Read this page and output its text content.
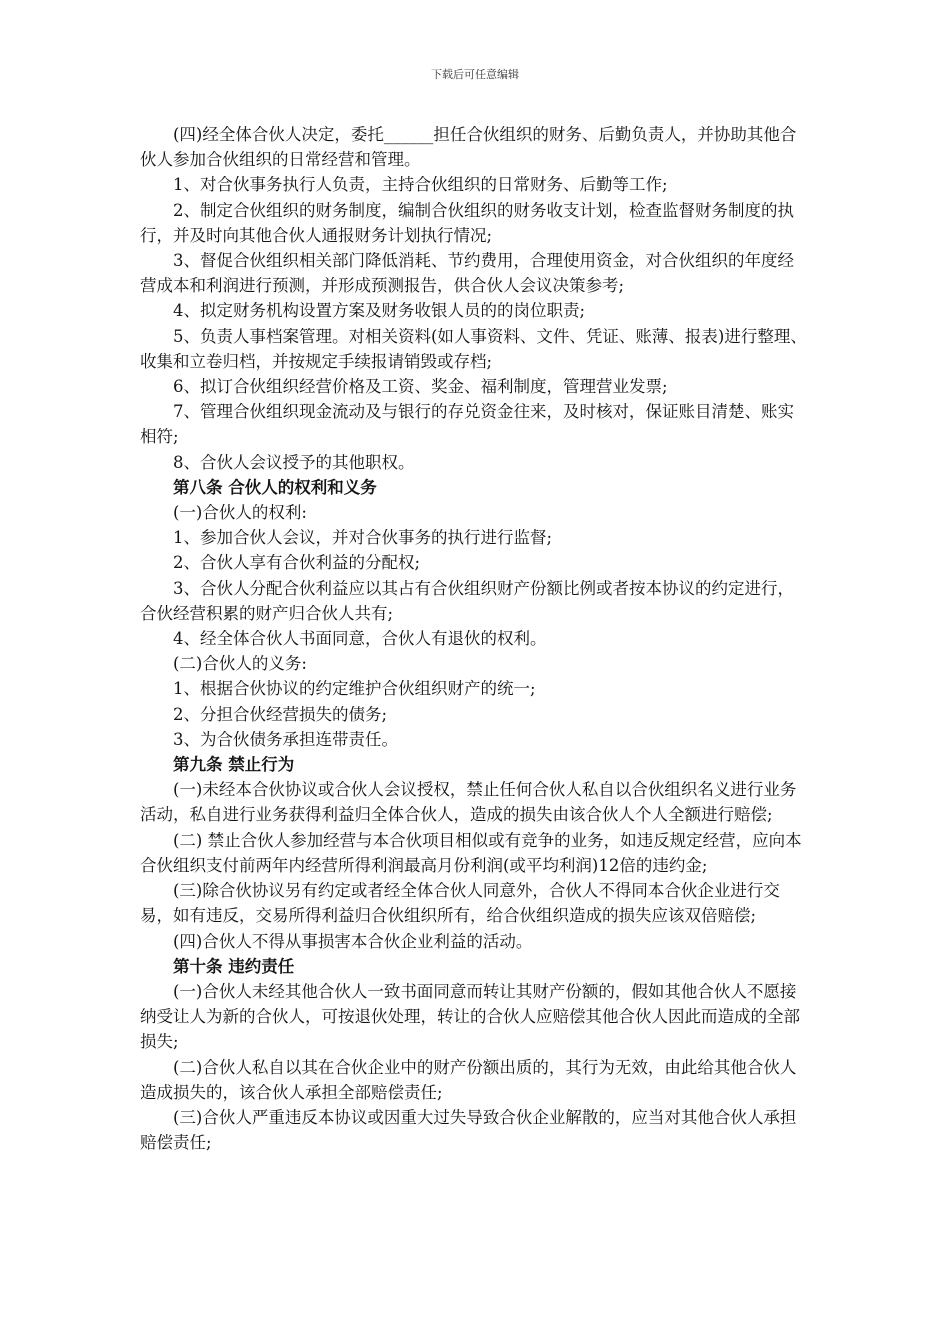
下载后可任意编辑

(四)经全体合伙人决定，委托______担任合伙组织的财务、后勤负责人，并协助其他合伙人参加合伙组织的日常经营和管理。

1、对合伙事务执行人负责，主持合伙组织的日常财务、后勤等工作;

2、制定合伙组织的财务制度，编制合伙组织的财务收支计划，检查监督财务制度的执行，并及时向其他合伙人通报财务计划执行情况;

3、督促合伙组织相关部门降低消耗、节约费用，合理使用资金，对合伙组织的年度经营成本和利润进行预测，并形成预测报告，供合伙人会议决策参考;

4、拟定财务机构设置方案及财务收银人员的的岗位职责;

5、负责人事档案管理。对相关资料(如人事资料、文件、凭证、账薄、报表)进行整理、收集和立卷归档，并按规定手续报请销毁或存档;

6、拟订合伙组织经营价格及工资、奖金、福利制度，管理营业发票;

7、管理合伙组织现金流动及与银行的存兑资金往来，及时核对，保证账目清楚、账实相符;

8、合伙人会议授予的其他职权。

第八条 合伙人的权利和义务

(一)合伙人的权利:

1、参加合伙人会议，并对合伙事务的执行进行监督;

2、合伙人享有合伙利益的分配权;

3、合伙人分配合伙利益应以其占有合伙组织财产份额比例或者按本协议的约定进行，合伙经营积累的财产归合伙人共有;

4、经全体合伙人书面同意，合伙人有退伙的权利。

(二)合伙人的义务:

1、根据合伙协议的约定维护合伙组织财产的统一;

2、分担合伙经营损失的债务;

3、为合伙债务承担连带责任。

第九条 禁止行为

(一)未经本合伙协议或合伙人会议授权，禁止任何合伙人私自以合伙组织名义进行业务活动，私自进行业务获得利益归全体合伙人，造成的损失由该合伙人个人全额进行赔偿;

(二) 禁止合伙人参加经营与本合伙项目相似或有竞争的业务，如违反规定经营，应向本合伙组织支付前两年内经营所得利润最高月份利润(或平均利润)12倍的违约金;

(三)除合伙协议另有约定或者经全体合伙人同意外，合伙人不得同本合伙企业进行交易，如有违反，交易所得利益归合伙组织所有，给合伙组织造成的损失应该双倍赔偿;

(四)合伙人不得从事损害本合伙企业利益的活动。

第十条 违约责任

(一)合伙人未经其他合伙人一致书面同意而转让其财产份额的，假如其他合伙人不愿接纳受让人为新的合伙人，可按退伙处理，转让的合伙人应赔偿其他合伙人因此而造成的全部损失;

(二)合伙人私自以其在合伙企业中的财产份额出质的，其行为无效，由此给其他合伙人造成损失的，该合伙人承担全部赔偿责任;

(三)合伙人严重违反本协议或因重大过失导致合伙企业解散的，应当对其他合伙人承担赔偿责任;
